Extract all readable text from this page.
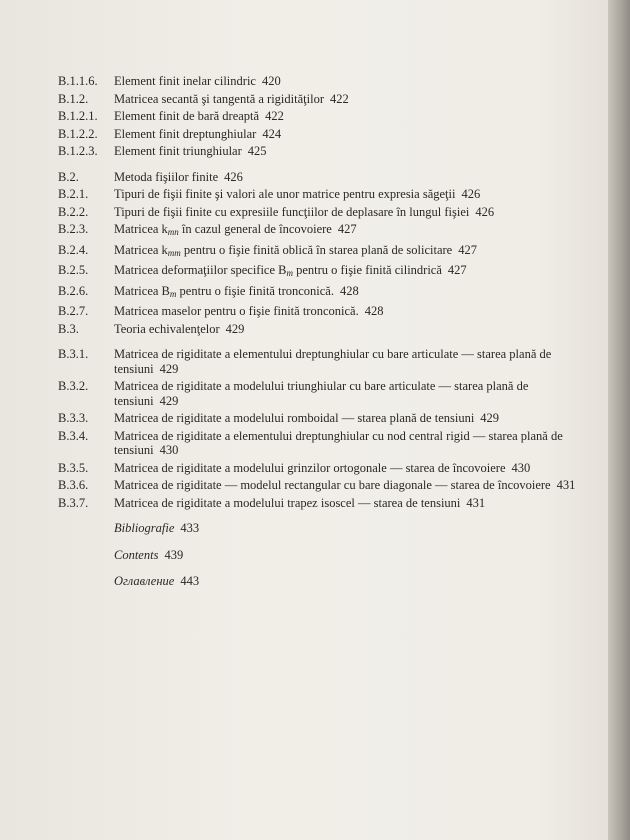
B.1.1.6.	Element finit inelar cilindric 420
B.1.2.	Matricea secantă şi tangentă a rigidităţilor 422
B.1.2.1.	Element finit de bară dreaptă 422
B.1.2.2.	Element finit dreptunghiular 424
B.1.2.3.	Element finit triunghiular 425
B.2.	Metoda fişiilor finite 426
B.2.1.	Tipuri de fişii finite şi valori ale unor matrice pentru expresia săgeţii 426
B.2.2.	Tipuri de fişii finite cu expresiile funcţiilor de deplasare în lungul fişiei 426
B.2.3.	Matricea $k_{mn}$ în cazul general de încovoiere 427
B.2.4.	Matricea $k_{mm}$ pentru o fişie finită oblică în starea plană de solicitare 427
B.2.5.	Matricea deformaţiilor specifice $B_m$ pentru o fişie finită cilindrică 427
B.2.6.	Matricea $B_m$ pentru o fişie finită tronconică. 428
B.2.7.	Matricea maselor pentru o fişie finită tronconică. 428
B.3.	Teoria echivalenţelor 429
B.3.1.	Matricea de rigiditate a elementului dreptunghiular cu bare articulate — starea plană de tensiuni 429
B.3.2.	Matricea de rigiditate a modelului triunghiular cu bare articulate — starea plană de tensiuni 429
B.3.3.	Matricea de rigiditate a modelului romboidal — starea plană de tensiuni 429
B.3.4.	Matricea de rigiditate a elementului dreptunghiular cu nod central rigid — starea plană de tensiuni 430
B.3.5.	Matricea de rigiditate a modelului grinzilor ortogonale — starea de încovoiere 430
B.3.6.	Matricea de rigiditate — modelul rectangular cu bare diagonale — starea de încovoiere 431
B.3.7.	Matricea de rigiditate a modelului trapez isoscel — starea de tensiuni 431
Bibliografie 433
Contents 439
Оглавление 443
